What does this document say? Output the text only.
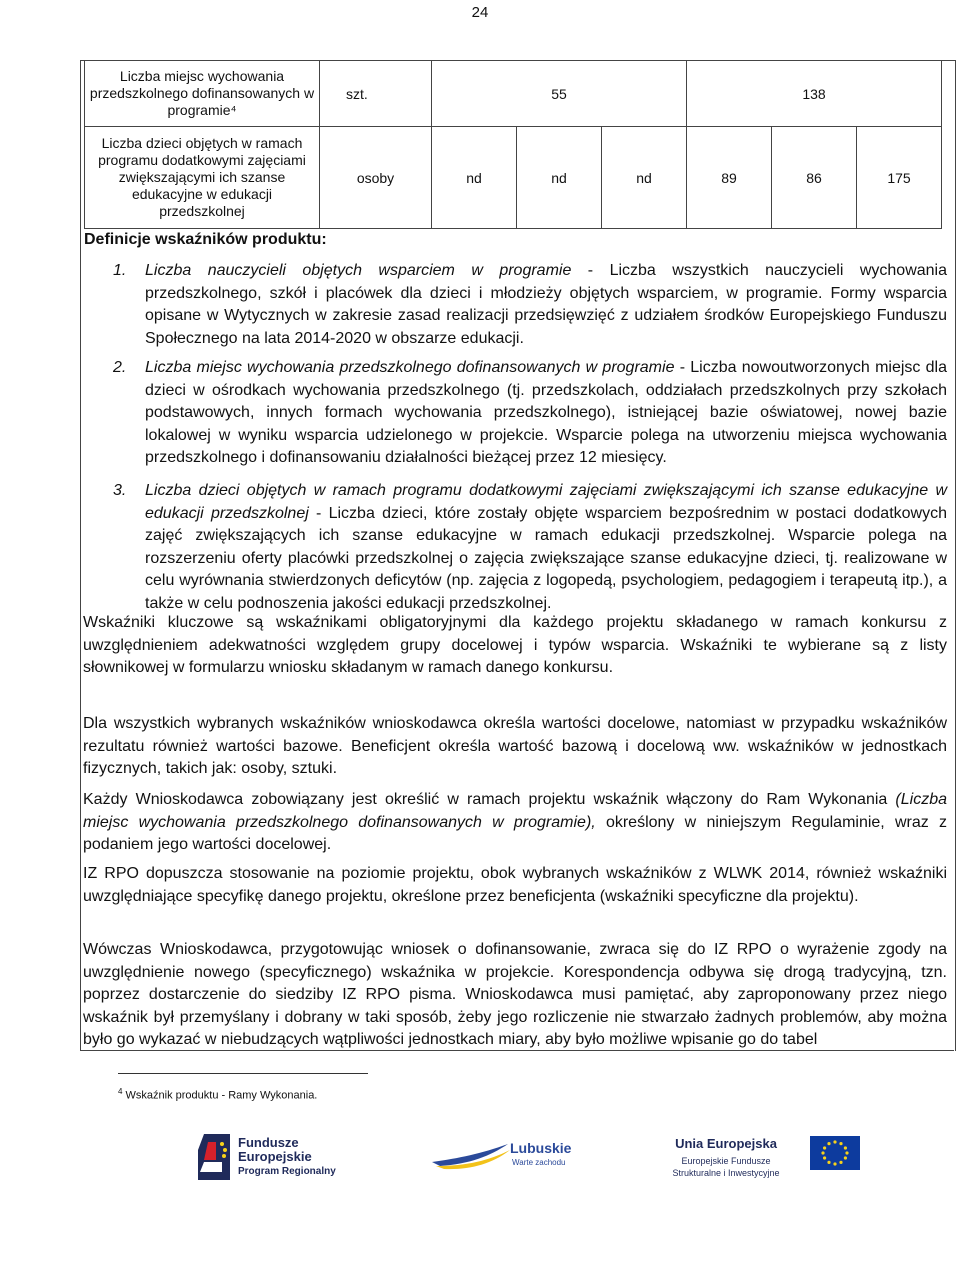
24
Liczba miejsc wychowania przedszkolnego dofinansowanych w programie⁴	szt.	55			138		
Liczba dzieci objętych w ramach programu dodatkowymi zajęciami zwiększającymi ich szanse edukacyjne w edukacji przedszkolnej	osoby	nd	nd	nd	89	86	175
Definicje wskaźników produktu:
1. Liczba nauczycieli objętych wsparciem w programie - Liczba wszystkich nauczycieli wychowania przedszkolnego, szkół i placówek dla dzieci i młodzieży objętych wsparciem, w programie. Formy wsparcia opisane w Wytycznych w zakresie zasad realizacji przedsięwzięć z udziałem środków Europejskiego Funduszu Społecznego na lata 2014-2020 w obszarze edukacji.
2. Liczba miejsc wychowania przedszkolnego dofinansowanych w programie - Liczba nowoutworzonych miejsc dla dzieci w ośrodkach wychowania przedszkolnego (tj. przedszkolach, oddziałach przedszkolnych przy szkołach podstawowych, innych formach wychowania przedszkolnego), istniejącej bazie oświatowej, nowej bazie lokalowej w wyniku wsparcia udzielonego w projekcie. Wsparcie polega na utworzeniu miejsca wychowania przedszkolnego i dofinansowaniu działalności bieżącej przez 12 miesięcy.
3. Liczba dzieci objętych w ramach programu dodatkowymi zajęciami zwiększającymi ich szanse edukacyjne w edukacji przedszkolnej - Liczba dzieci, które zostały objęte wsparciem bezpośrednim w postaci dodatkowych zajęć zwiększających ich szanse edukacyjne w ramach edukacji przedszkolnej. Wsparcie polega na rozszerzeniu oferty placówki przedszkolnej o zajęcia zwiększające szanse edukacyjne dzieci, tj. realizowane w celu wyrównania stwierdzonych deficytów (np. zajęcia z logopedą, psychologiem, pedagogiem i terapeutą itp.), a także w celu podnoszenia jakości edukacji przedszkolnej.
Wskaźniki kluczowe są wskaźnikami obligatoryjnymi dla każdego projektu składanego w ramach konkursu z uwzględnieniem adekwatności względem grupy docelowej i typów wsparcia. Wskaźniki te wybierane są z listy słownikowej w formularzu wniosku składanym w ramach danego konkursu.
Dla wszystkich wybranych wskaźników wnioskodawca określa wartości docelowe, natomiast w przypadku wskaźników rezultatu również wartości bazowe. Beneficjent określa wartość bazową i docelową ww. wskaźników w jednostkach fizycznych, takich jak: osoby, sztuki.
Każdy Wnioskodawca zobowiązany jest określić w ramach projektu wskaźnik włączony do Ram Wykonania (Liczba miejsc wychowania przedszkolnego dofinansowanych w programie), określony w niniejszym Regulaminie, wraz z podaniem jego wartości docelowej.
IZ RPO dopuszcza stosowanie na poziomie projektu, obok wybranych wskaźników z WLWK 2014, również wskaźniki uwzględniające specyfikę danego projektu, określone przez beneficjenta (wskaźniki specyficzne dla projektu).
Wówczas Wnioskodawca, przygotowując wniosek o dofinansowanie, zwraca się do IZ RPO o wyrażenie zgody na uwzględnienie nowego (specyficznego) wskaźnika w projekcie. Korespondencja odbywa się drogą tradycyjną, tzn. poprzez dostarczenie do siedziby IZ RPO pisma. Wnioskodawca musi pamiętać, aby zaproponowany przez niego wskaźnik był przemyślany i dobrany w taki sposób, żeby jego rozliczenie nie stwarzało żadnych problemów, aby można było go wykazać w niebudzących wątpliwości jednostkach miary, aby było możliwe wpisanie go do tabel
$^4$ Wskaźnik produktu - Ramy Wykonania.
Fundusze
Europejskie
Program Regionalny
Lubuskie
Warte zachodu
Unia Europejska
Europejskie Fundusze
Strukturalne i Inwestycyjne
